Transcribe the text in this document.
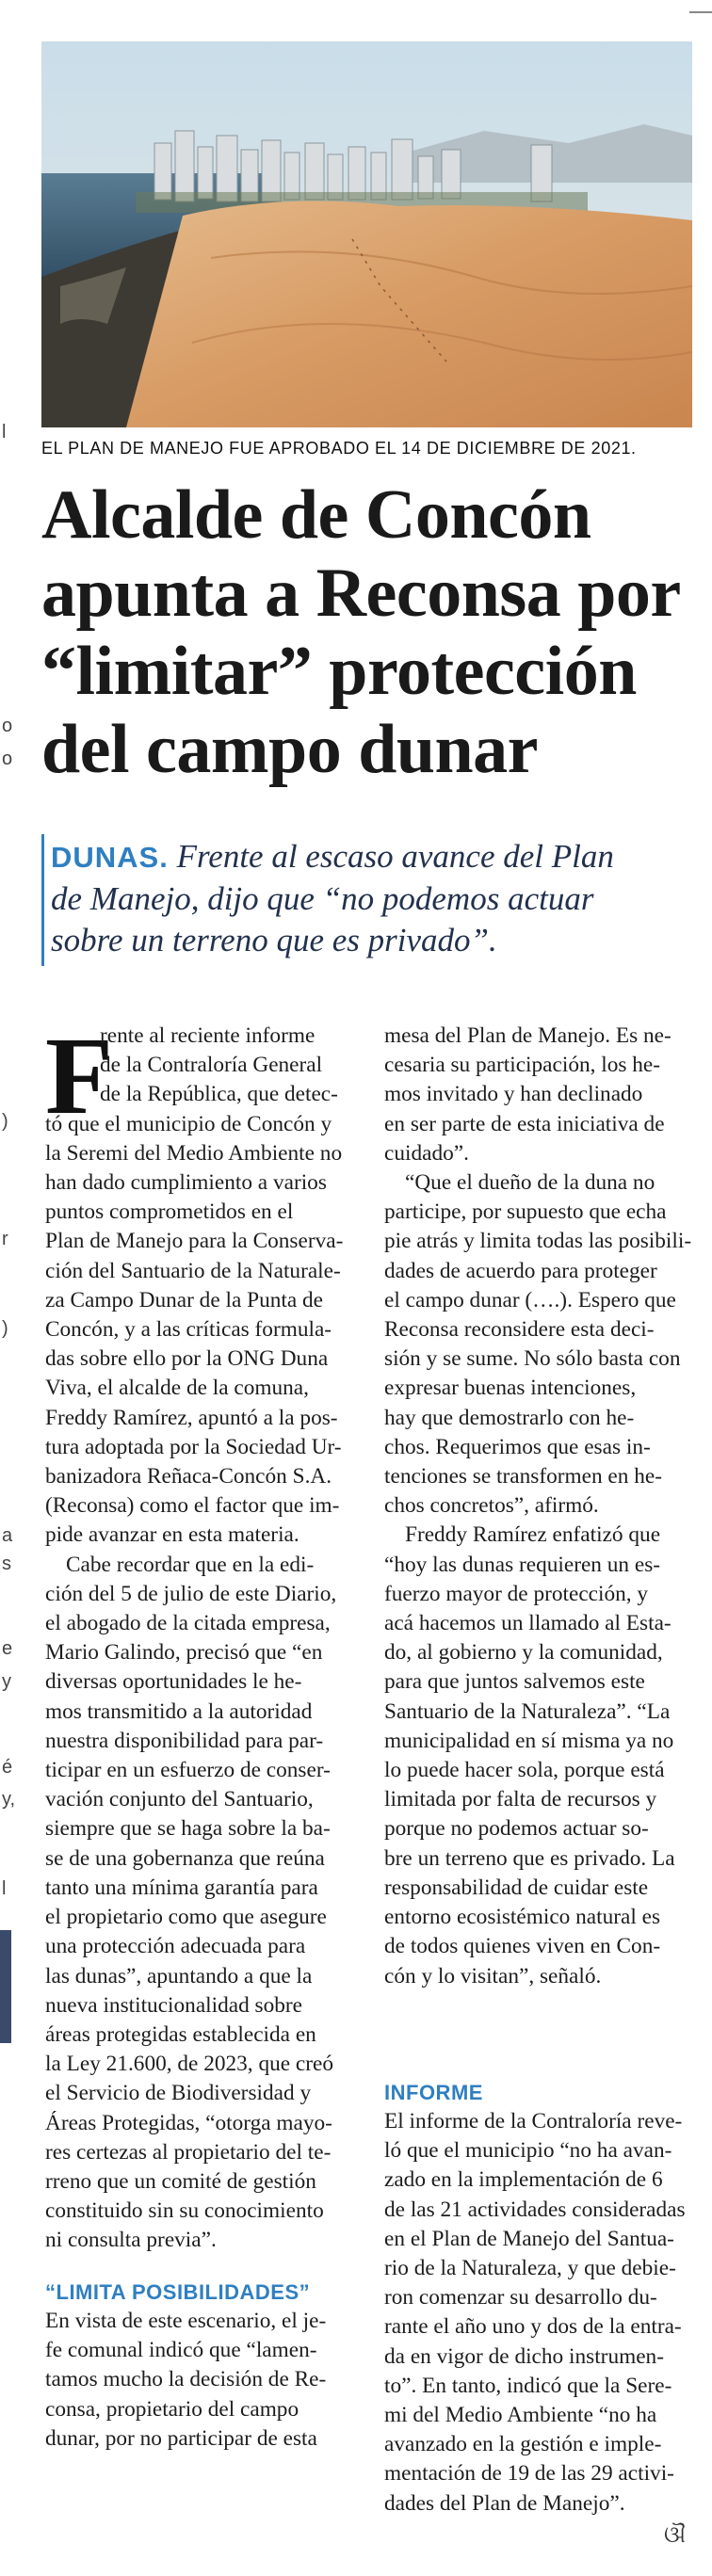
l
o
o
)
r
)
a
s
e
y
é
y,
l
EL PLAN DE MANEJO FUE APROBADO EL 14 DE DICIEMBRE DE 2021.
Alcalde de Concón
apunta a Reconsa por
“limitar” protección
del campo dunar
DUNAS. Frente al escaso avance del Plan
de Manejo, dijo que “no podemos actuar
sobre un terreno que es privado”.
F
rente al reciente informe
de la Contraloría General
de la República, que detec-
tó que el municipio de Concón y
la Seremi del Medio Ambiente no
han dado cumplimiento a varios
puntos comprometidos en el
Plan de Manejo para la Conserva-
ción del Santuario de la Naturale-
za Campo Dunar de la Punta de
Concón, y a las críticas formula-
das sobre ello por la ONG Duna
Viva, el alcalde de la comuna,
Freddy Ramírez, apuntó a la pos-
tura adoptada por la Sociedad Ur-
banizadora Reñaca-Concón S.A.
(Reconsa) como el factor que im-
pide avanzar en esta materia.
Cabe recordar que en la edi-
ción del 5 de julio de este Diario,
el abogado de la citada empresa,
Mario Galindo, precisó que “en
diversas oportunidades le he-
mos transmitido a la autoridad
nuestra disponibilidad para par-
ticipar en un esfuerzo de conser-
vación conjunto del Santuario,
siempre que se haga sobre la ba-
se de una gobernanza que reúna
tanto una mínima garantía para
el propietario como que asegure
una protección adecuada para
las dunas”, apuntando a que la
nueva institucionalidad sobre
áreas protegidas establecida en
la Ley 21.600, de 2023, que creó
el Servicio de Biodiversidad y
Áreas Protegidas, “otorga mayo-
res certezas al propietario del te-
rreno que un comité de gestión
constituido sin su conocimiento
ni consulta previa”.
“LIMITA POSIBILIDADES”
En vista de este escenario, el je-
fe comunal indicó que “lamen-
tamos mucho la decisión de Re-
consa, propietario del campo
dunar, por no participar de esta
mesa del Plan de Manejo. Es ne-
cesaria su participación, los he-
mos invitado y han declinado
en ser parte de esta iniciativa de
cuidado”.
“Que el dueño de la duna no
participe, por supuesto que echa
pie atrás y limita todas las posibili-
dades de acuerdo para proteger
el campo dunar (….). Espero que
Reconsa reconsidere esta deci-
sión y se sume. No sólo basta con
expresar buenas intenciones,
hay que demostrarlo con he-
chos. Requerimos que esas in-
tenciones se transformen en he-
chos concretos”, afirmó.
Freddy Ramírez enfatizó que
“hoy las dunas requieren un es-
fuerzo mayor de protección, y
acá hacemos un llamado al Esta-
do, al gobierno y la comunidad,
para que juntos salvemos este
Santuario de la Naturaleza”. “La
municipalidad en sí misma ya no
lo puede hacer sola, porque está
limitada por falta de recursos y
porque no podemos actuar so-
bre un terreno que es privado. La
responsabilidad de cuidar este
entorno ecosistémico natural es
de todos quienes viven en Con-
cón y lo visitan”, señaló.
INFORME
El informe de la Contraloría reve-
ló que el municipio “no ha avan-
zado en la implementación de 6
de las 21 actividades consideradas
en el Plan de Manejo del Santua-
rio de la Naturaleza, y que debie-
ron comenzar su desarrollo du-
rante el año uno y dos de la entra-
da en vigor de dicho instrumen-
to”. En tanto, indicó que la Sere-
mi del Medio Ambiente “no ha
avanzado en la gestión e imple-
mentación de 19 de las 29 activi-
dades del Plan de Manejo”.
ଔ
